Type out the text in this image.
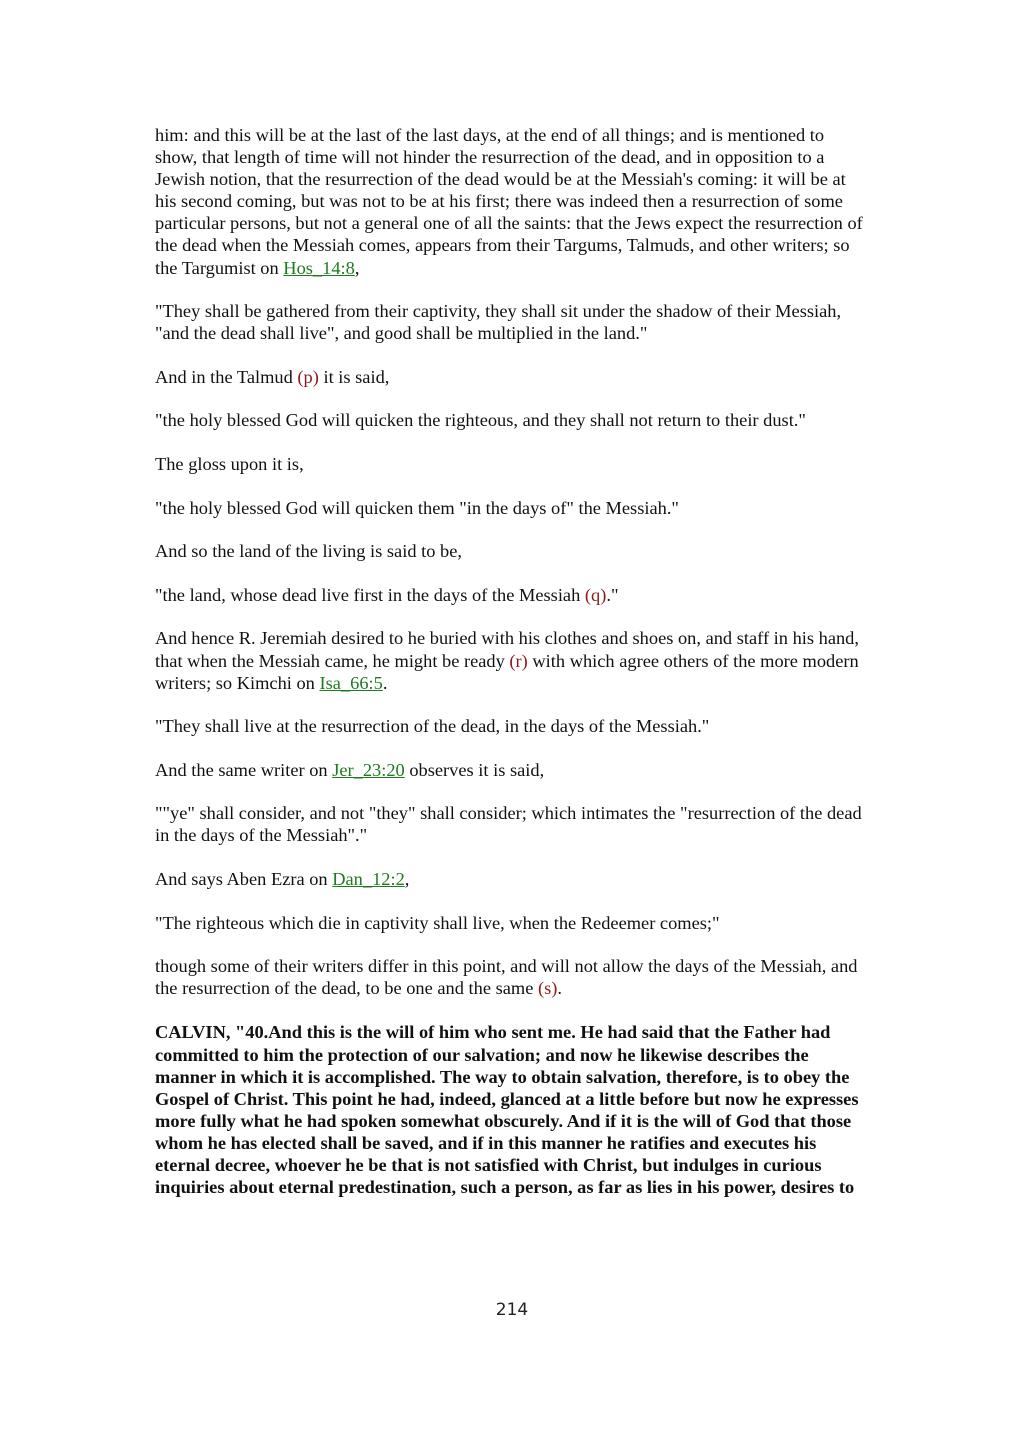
him: and this will be at the last of the last days, at the end of all things; and is mentioned to show, that length of time will not hinder the resurrection of the dead, and in opposition to a Jewish notion, that the resurrection of the dead would be at the Messiah's coming: it will be at his second coming, but was not to be at his first; there was indeed then a resurrection of some particular persons, but not a general one of all the saints: that the Jews expect the resurrection of the dead when the Messiah comes, appears from their Targums, Talmuds, and other writers; so the Targumist on Hos_14:8,

"They shall be gathered from their captivity, they shall sit under the shadow of their Messiah, "and the dead shall live", and good shall be multiplied in the land."

And in the Talmud (p) it is said,

"the holy blessed God will quicken the righteous, and they shall not return to their dust."

The gloss upon it is,

"the holy blessed God will quicken them "in the days of" the Messiah."

And so the land of the living is said to be,

"the land, whose dead live first in the days of the Messiah (q)."

And hence R. Jeremiah desired to he buried with his clothes and shoes on, and staff in his hand, that when the Messiah came, he might be ready (r) with which agree others of the more modern writers; so Kimchi on Isa_66:5.

"They shall live at the resurrection of the dead, in the days of the Messiah."

And the same writer on Jer_23:20 observes it is said,

""ye" shall consider, and not "they" shall consider; which intimates the "resurrection of the dead in the days of the Messiah"."

And says Aben Ezra on Dan_12:2,

"The righteous which die in captivity shall live, when the Redeemer comes;"

though some of their writers differ in this point, and will not allow the days of the Messiah, and the resurrection of the dead, to be one and the same (s).

CALVIN, "40.And this is the will of him who sent me. He had said that the Father had committed to him the protection of our salvation; and now he likewise describes the manner in which it is accomplished. The way to obtain salvation, therefore, is to obey the Gospel of Christ. This point he had, indeed, glanced at a little before but now he expresses more fully what he had spoken somewhat obscurely. And if it is the will of God that those whom he has elected shall be saved, and if in this manner he ratifies and executes his eternal decree, whoever he be that is not satisfied with Christ, but indulges in curious inquiries about eternal predestination, such a person, as far as lies in his power, desires to

214
